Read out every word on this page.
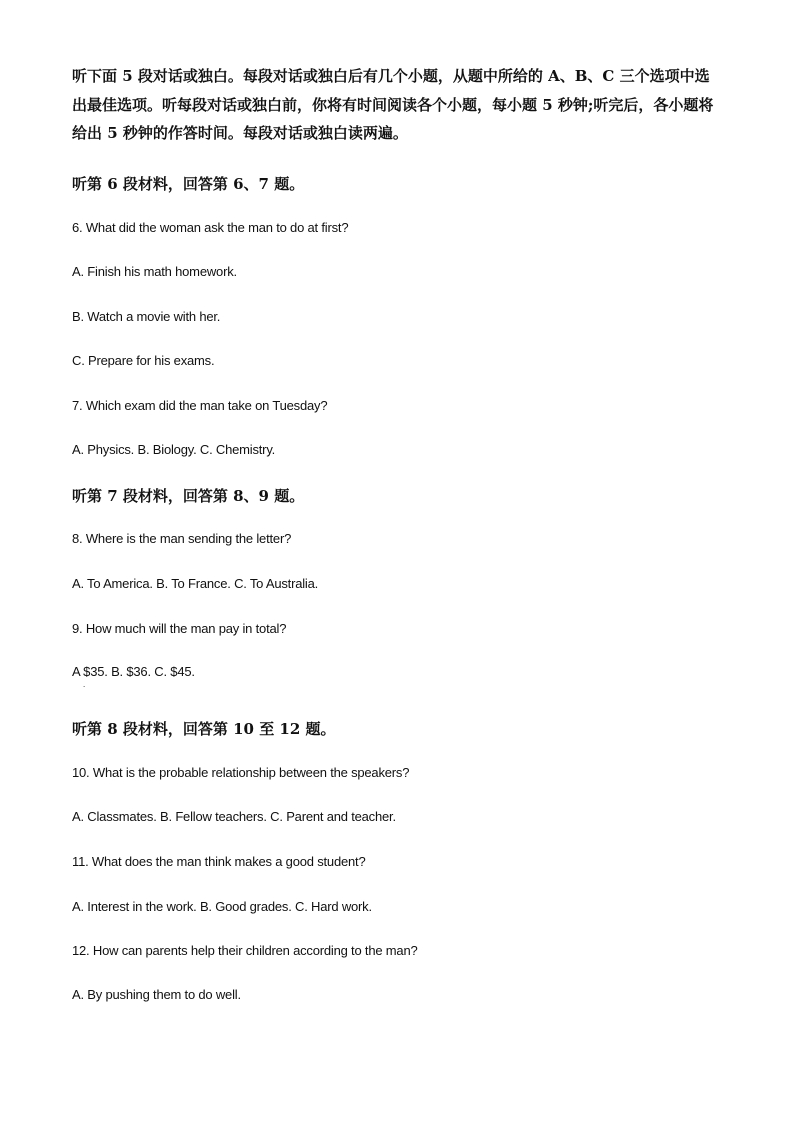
听下面 5 段对话或独白。每段对话或独白后有几个小题，从题中所给的 A、B、C 三个选项中选出最佳选项。听每段对话或独白前，你将有时间阅读各个小题，每小题 5 秒钟;听完后，各小题将给出 5 秒钟的作答时间。每段对话或独白读两遍。

听第 6 段材料，回答第 6、7 题。

6. What did the woman ask the man to do at first?

A. Finish his math homework.

B. Watch a movie with her.

C. Prepare for his exams.

7. Which exam did the man take on Tuesday?

A. Physics. B. Biology. C. Chemistry.

听第 7 段材料，回答第 8、9 题。

8. Where is the man sending the letter?

A. To America. B. To France. C. To Australia.

9. How much will the man pay in total?

A $35. B. $36. C. $45.

.

听第 8 段材料，回答第 10 至 12 题。

10. What is the probable relationship between the speakers?

A. Classmates. B. Fellow teachers. C. Parent and teacher.

11. What does the man think makes a good student?

A. Interest in the work. B. Good grades. C. Hard work.

12. How can parents help their children according to the man?

A. By pushing them to do well.
